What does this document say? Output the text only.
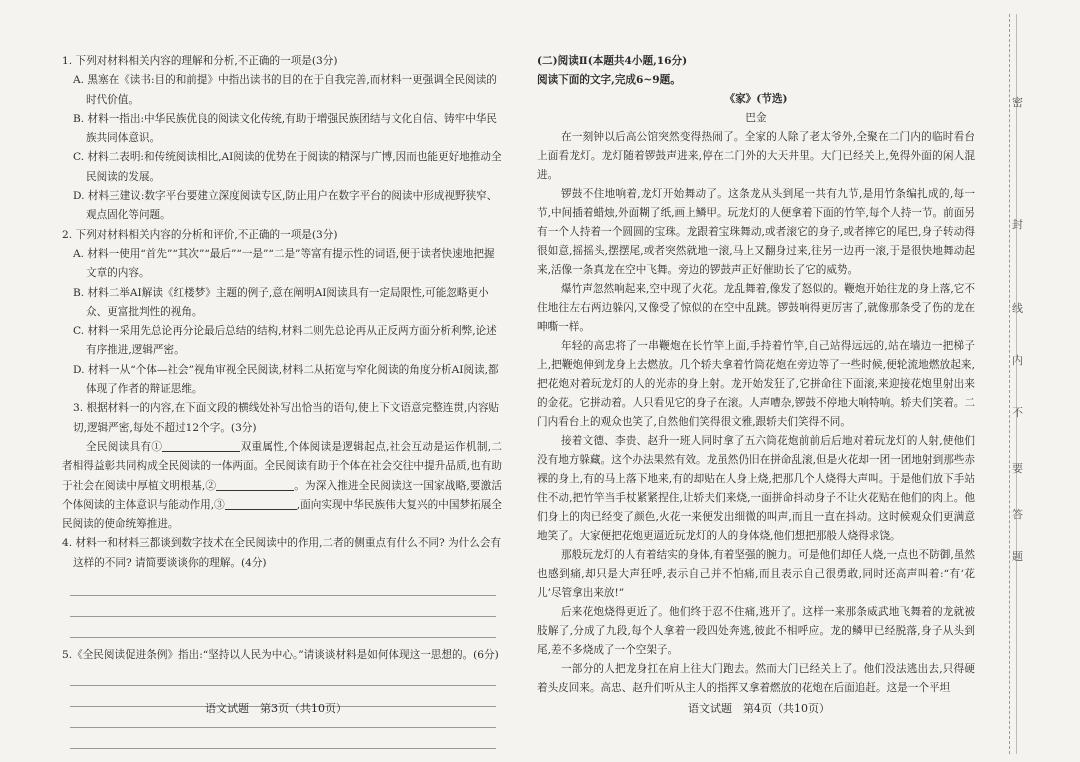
1. 下列对材料相关内容的理解和分析,不正确的一项是(3分)

A. 黑塞在《读书:目的和前提》中指出读书的目的在于自我完善,而材料一更强调全民阅读的时代价值。

B. 材料一指出:中华民族优良的阅读文化传统,有助于增强民族团结与文化自信、铸牢中华民族共同体意识。

C. 材料二表明:和传统阅读相比,AI阅读的优势在于阅读的精深与广博,因而也能更好地推动全民阅读的发展。

D. 材料三建议:数字平台要建立深度阅读专区,防止用户在数字平台的阅读中形成视野狭窄、观点固化等问题。

2. 下列对材料相关内容的分析和评价,不正确的一项是(3分)

A. 材料一使用“首先”“其次”“最后”“一是”“二是”等富有提示性的词语,便于读者快速地把握文章的内容。

B. 材料二举AI解读《红楼梦》主题的例子,意在阐明AI阅读具有一定局限性,可能忽略更小众、更富批判性的视角。

C. 材料一采用先总论再分论最后总结的结构,材料二则先总论再从正反两方面分析利弊,论述有序推进,逻辑严密。

D. 材料一从“个体—社会”视角审视全民阅读,材料二从拓宽与窄化阅读的角度分析AI阅读,都体现了作者的辩证思维。

3. 根据材料一的内容,在下面文段的横线处补写出恰当的语句,使上下文语意完整连贯,内容贴切,逻辑严密,每处不超过12个字。(3分)

全民阅读具有①	双重属性,个体阅读是逻辑起点,社会互动是运作机制,二者相得益彰共同构成全民阅读的一体两面。全民阅读有助于个体在社会交往中提升品质,也有助于社会在阅读中厚植文明根基,②	。为深入推进全民阅读这一国家战略,要激活个体阅读的主体意识与能动作用,③	,面向实现中华民族伟大复兴的中国梦拓展全民阅读的使命统筹推进。

4. 材料一和材料三都谈到数字技术在全民阅读中的作用,二者的侧重点有什么不同? 为什么会有这样的不同? 请简要谈谈你的理解。(4分)

5.《全民阅读促进条例》指出:“坚持以人民为中心。”请谈谈材料是如何体现这一思想的。(6分)

(二)阅读Ⅱ(本题共4小题,16分)

阅读下面的文字,完成6~9题。

《家》(节选)

巴金

在一刻钟以后高公馆突然变得热闹了。全家的人除了老太爷外,全聚在二门内的临时看台上面看龙灯。龙灯随着锣鼓声进来,停在二门外的大天井里。大门已经关上,免得外面的闲人混进。

锣鼓不住地响着,龙灯开始舞动了。这条龙从头到尾一共有九节,是用竹条编扎成的,每一节,中间插着蜡烛,外面糊了纸,画上鳞甲。玩龙灯的人便拿着下面的竹竿,每个人持一节。前面另有一个人持着一个圆圆的宝珠。龙跟着宝珠舞动,或者滚它的身子,或者摔它的尾巴,身子转动得很如意,摇摇头,摆摆尾,或者突然就地一滚,马上又翻身过来,往另一边再一滚,于是很快地舞动起来,活像一条真龙在空中飞舞。旁边的锣鼓声正好催助长了它的威势。

爆竹声忽然响起来,空中现了火花。龙乱舞着,像发了怒似的。鞭炮开始往龙的身上落,它不住地往左右两边躲闪,又像受了惊似的在空中乱跳。锣鼓响得更厉害了,就像那条受了伤的龙在呻嘶一样。

年轻的高忠将了一串鞭炮在长竹竿上面,手持着竹竿,自己站得远远的,站在墙边一把梯子上,把鞭炮伸到龙身上去燃放。几个轿夫拿着竹筒花炮在旁边等了一些时候,便轮流地燃放起来,把花炮对着玩龙灯的人的光赤的身上射。龙开始发狂了,它拼命往下面滚,来迎接花炮里射出来的金花。它拼动着。人只看见它的身子在滚。人声嘈杂,锣鼓不停地大响特响。轿夫们笑着。二门内看台上的观众也笑了,自然他们笑得很文雅,跟轿夫们笑得不同。

接着文德、李贵、赵升一班人同时拿了五六筒花炮前前后后地对着玩龙灯的人射,使他们没有地方躲藏。这个办法果然有效。龙虽然仍旧在拼命乱滚,但是火花却一团一团地射到那些赤裸的身上,有的马上落下地来,有的却贴在人身上烧,把那几个人烧得大声叫。于是他们放下手站住不动,把竹竿当手杖紧紧捏住,让轿夫们来烧,一面拼命抖动身子不让火花贴在他们的肉上。他们身上的肉已经变了颜色,火花一来便发出细微的叫声,而且一直在抖动。这时候观众们更满意地笑了。大家便把花炮更逼近玩龙灯的人的身体烧,他们想把那般人烧得求饶。

那般玩龙灯的人有着结实的身体,有着坚强的腕力。可是他们却任人烧,一点也不防御,虽然也感到痛,却只是大声狂呼,表示自己并不怕痛,而且表示自己很勇敢,同时还高声叫着:“有‘花儿’尽管拿出来放!”

后来花炮烧得更近了。他们终于忍不住痛,逃开了。这样一来那条威武地飞舞着的龙就被肢解了,分成了九段,每个人拿着一段四处奔逃,彼此不相呼应。龙的鳞甲已经脱落,身子从头到尾,差不多烧成了一个空架子。

一部分的人把龙身扛在肩上往大门跑去。然而大门已经关上了。他们没法逃出去,只得硬着头皮回来。高忠、赵升们听从主人的指挥又拿着燃放的花炮在后面追赶。这是一个平坦

语文试题　第3页（共10页）	语文试题　第4页（共10页）
密
封
线
内
不
要
答
题
